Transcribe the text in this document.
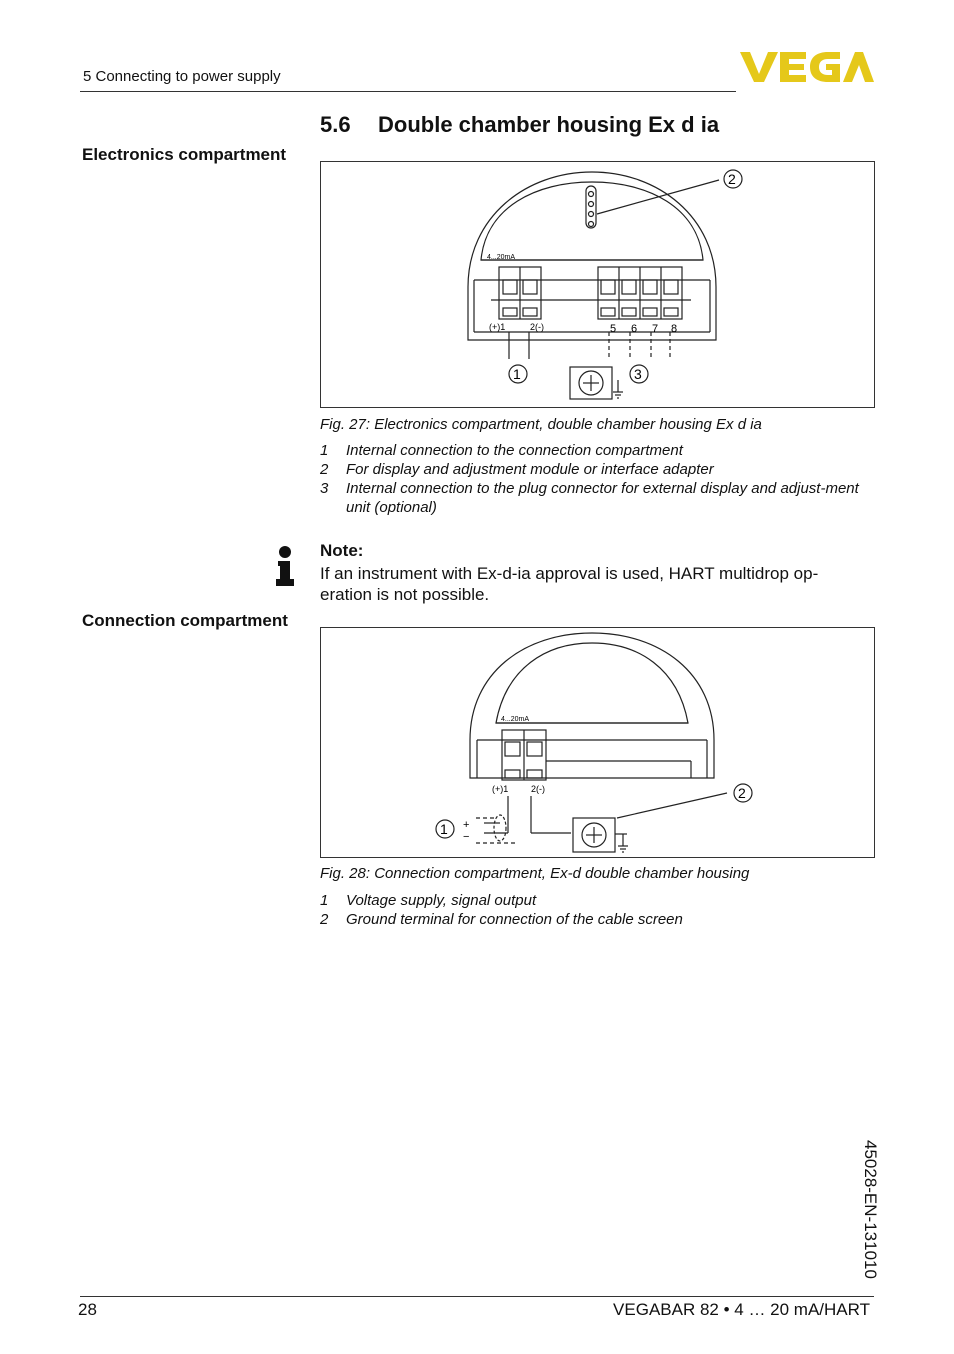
5 Connecting to power supply
5.6 Double chamber housing Ex d ia
Electronics compartment
Connection compartment
4...20mA
(+)1	2(-)	5 6 7 8
1
2
3
Fig. 27: Electronics compartment, double chamber housing Ex d ia
1	Internal connection to the connection compartment
2	For display and adjustment module or interface adapter
3	Internal connection to the plug connector for external display and adjust-ment unit (optional)
Note:
If an instrument with Ex-d-ia approval is used, HART multidrop op-eration is not possible.
4...20mA
(+)1	2(-)
+
−
1
2
Fig. 28: Connection compartment, Ex-d double chamber housing
1	Voltage supply, signal output
2	Ground terminal for connection of the cable screen
45028-EN-131010
28	VEGABAR 82 • 4 … 20 mA/HART
